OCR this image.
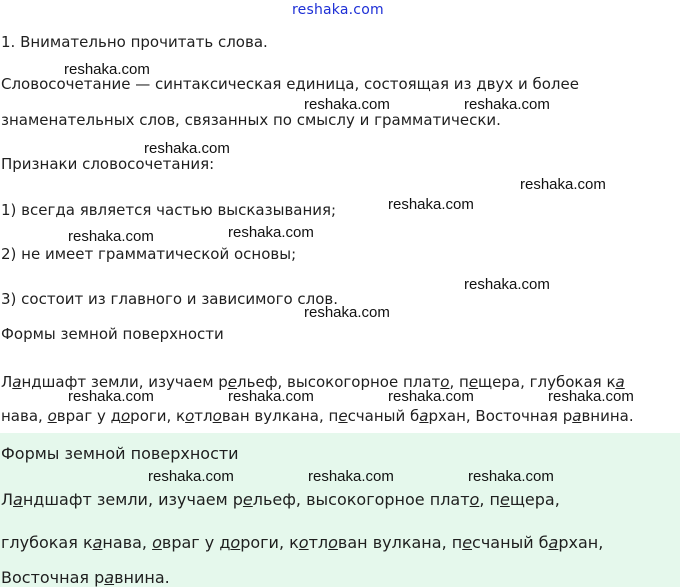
reshaka.com

1. Внимательно прочитать слова.

Словосочетание — синтаксическая единица, состоящая из двух и более

знаменательных слов, связанных по смыслу и грамматически.

Признаки словосочетания:

1) всегда является частью высказывания;

2) не имеет грамматической основы;

3) состоит из главного и зависимого слов.

Формы земной поверхности

Ландшафт земли, изучаем рельеф, высокогорное плато, пещера, глубокая ка

нава, овраг у дороги, котлован вулкана, песчаный бархан, Восточная равнина.

Формы земной поверхности

Ландшафт земли, изучаем рельеф, высокогорное плато, пещера,

глубокая канава, овраг у дороги, котлован вулкана, песчаный бархан,

Восточная равнина.

reshaka.com
reshaka.com	reshaka.com
reshaka.com
reshaka.com
reshaka.com
reshaka.com	reshaka.com
reshaka.com
reshaka.com
reshaka.com	reshaka.com	reshaka.com	reshaka.com
reshaka.com	reshaka.com	reshaka.com
